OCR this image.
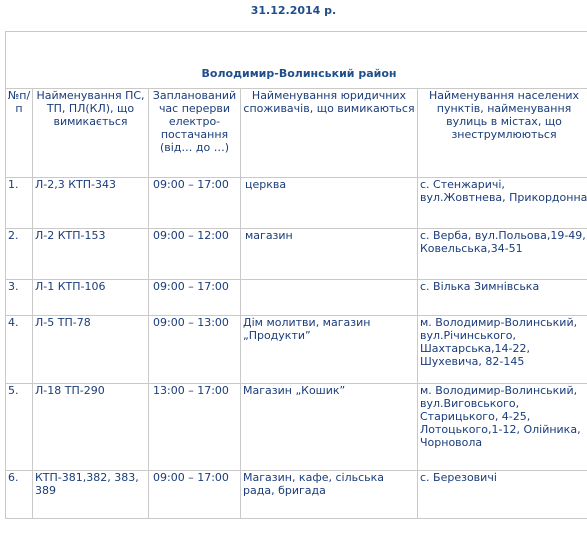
31.12.2014 р.
Володимир-Волинський район				
№п/п	Найменування ПС, ТП, ПЛ(КЛ), що вимикається	Запланований час перерви електро-постачання (від… до …)	Найменування юридичних споживачів, що вимикаються	Найменування населених пунктів, найменування вулиць в містах, що знеструмлюються
1.	Л-2,3 КТП-343	09:00 – 17:00	церква	с. Стенжаричі, вул.Жовтнева, Прикордонна
2.	Л-2 КТП-153	09:00 – 12:00	магазин	с. Верба, вул.Польова,19-49, Ковельська,34-51
3.	Л-1 КТП-106	09:00 – 17:00		с. Вілька Зимнівська
4.	Л-5 ТП-78	09:00 – 13:00	Дім молитви, магазин „Продукти”	м. Володимир-Волинський, вул.Річинського, Шахтарська,14-22, Шухевича, 82-145
5.	Л-18 ТП-290	13:00 – 17:00	Магазин „Кошик”	м. Володимир-Волинський, вул.Виговського, Старицького, 4-25, Лотоцького,1-12, Олійника, Чорновола
6.	КТП-381,382, 383, 389	09:00 – 17:00	Магазин, кафе, сільська рада, бригада	с. Березовичі
